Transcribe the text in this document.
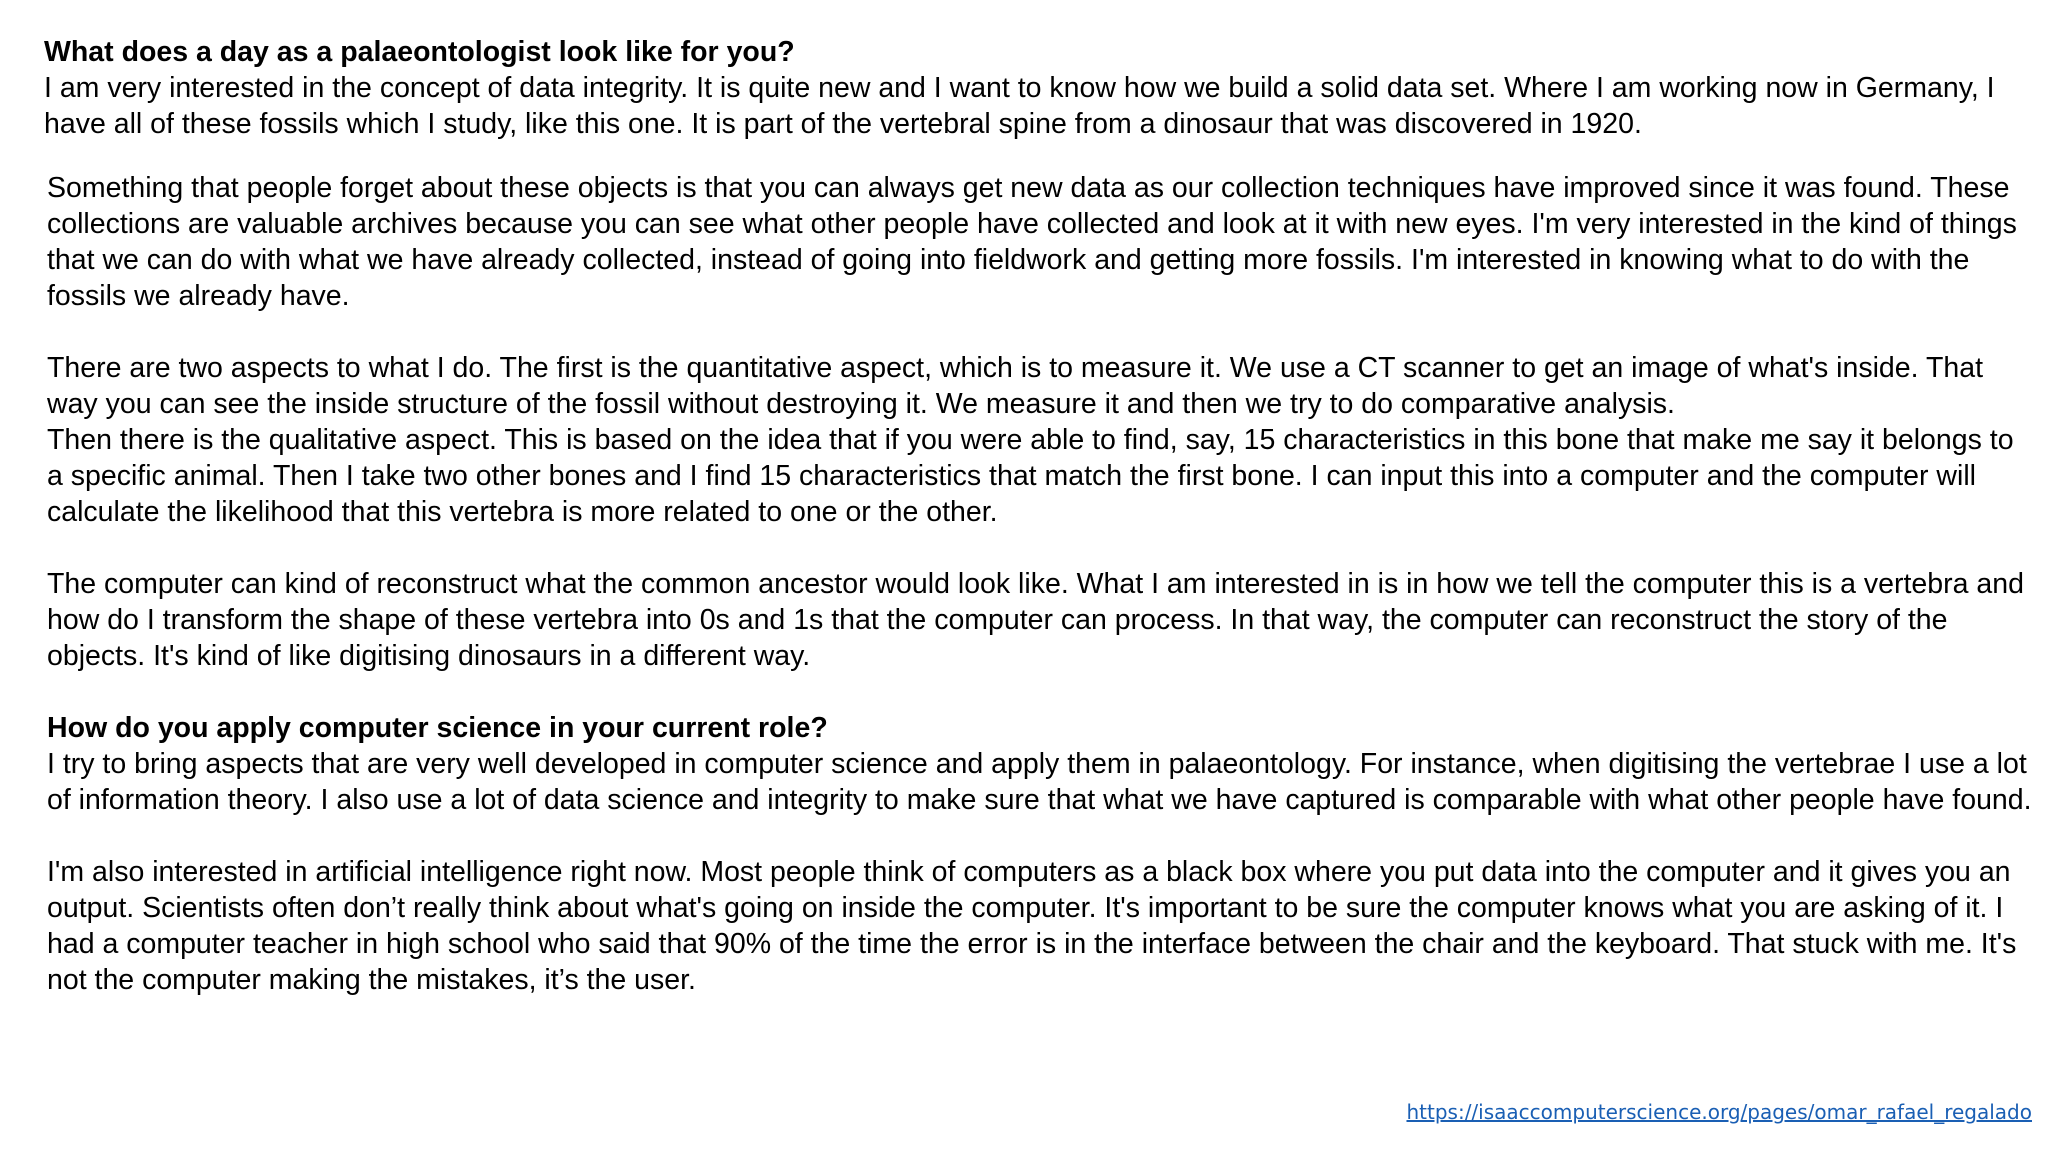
What does a day as a palaeontologist look like for you?

I am very interested in the concept of data integrity. It is quite new and I want to know how we build a solid data set. Where I am working now in Germany, I have all of these fossils which I study, like this one. It is part of the vertebral spine from a dinosaur that was discovered in 1920.

Something that people forget about these objects is that you can always get new data as our collection techniques have improved since it was found. These collections are valuable archives because you can see what other people have collected and look at it with new eyes. I'm very interested in the kind of things that we can do with what we have already collected, instead of going into fieldwork and getting more fossils. I'm interested in knowing what to do with the fossils we already have.

There are two aspects to what I do. The first is the quantitative aspect, which is to measure it. We use a CT scanner to get an image of what's inside. That way you can see the inside structure of the fossil without destroying it. We measure it and then we try to do comparative analysis.

Then there is the qualitative aspect. This is based on the idea that if you were able to find, say, 15 characteristics in this bone that make me say it belongs to a specific animal. Then I take two other bones and I find 15 characteristics that match the first bone. I can input this into a computer and the computer will calculate the likelihood that this vertebra is more related to one or the other.

The computer can kind of reconstruct what the common ancestor would look like. What I am interested in is in how we tell the computer this is a vertebra and how do I transform the shape of these vertebra into 0s and 1s that the computer can process. In that way, the computer can reconstruct the story of the objects. It's kind of like digitising dinosaurs in a different way.

How do you apply computer science in your current role?

I try to bring aspects that are very well developed in computer science and apply them in palaeontology. For instance, when digitising the vertebrae I use a lot of information theory. I also use a lot of data science and integrity to make sure that what we have captured is comparable with what other people have found.

I'm also interested in artificial intelligence right now. Most people think of computers as a black box where you put data into the computer and it gives you an output. Scientists often don’t really think about what's going on inside the computer. It's important to be sure the computer knows what you are asking of it. I had a computer teacher in high school who said that 90% of the time the error is in the interface between the chair and the keyboard. That stuck with me. It's not the computer making the mistakes, it’s the user.

https://isaaccomputerscience.org/pages/omar_rafael_regalado
